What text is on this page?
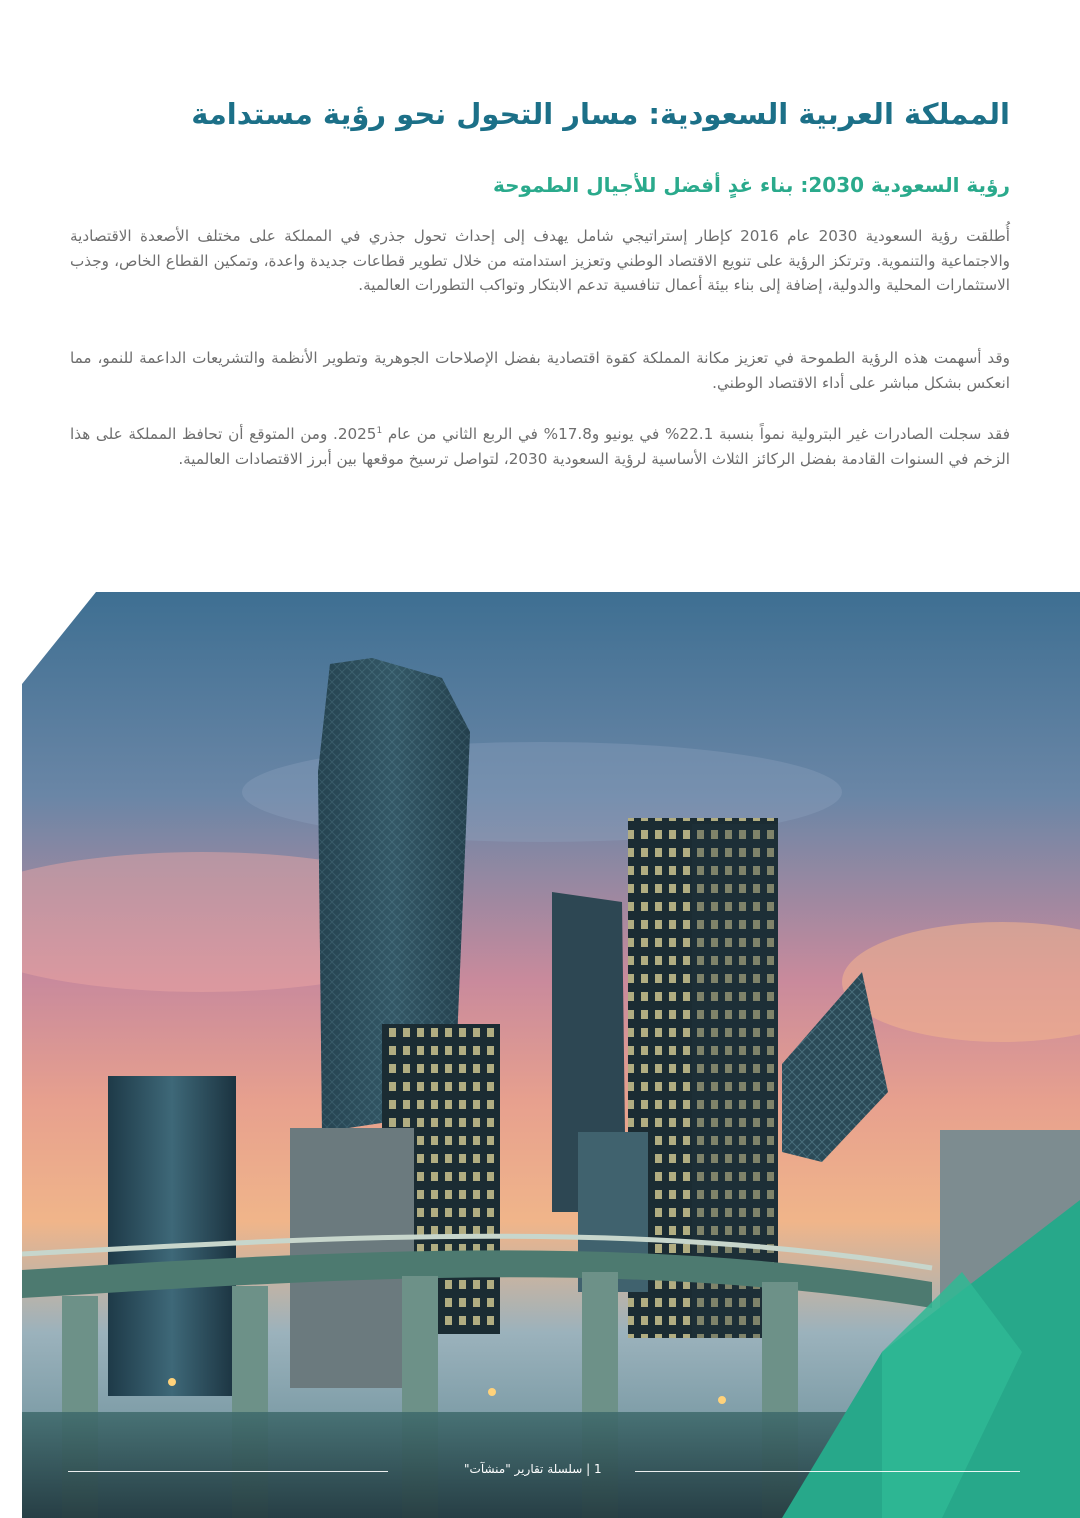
المملكة العربية السعودية: مسار التحول نحو رؤية مستدامة
رؤية السعودية 2030: بناء غدٍ أفضل للأجيال الطموحة

أُطلقت رؤية السعودية 2030 عام 2016 كإطار إستراتيجي شامل يهدف إلى إحداث تحول جذري في المملكة على مختلف الأصعدة الاقتصادية والاجتماعية والتنموية. وترتكز الرؤية على تنويع الاقتصاد الوطني وتعزيز استدامته من خلال تطوير قطاعات جديدة واعدة، وتمكين القطاع الخاص، وجذب الاستثمارات المحلية والدولية، إضافة إلى بناء بيئة أعمال تنافسية تدعم الابتكار وتواكب التطورات العالمية.

وقد أسهمت هذه الرؤية الطموحة في تعزيز مكانة المملكة كقوة اقتصادية بفضل الإصلاحات الجوهرية وتطوير الأنظمة والتشريعات الداعمة للنمو، مما انعكس بشكل مباشر على أداء الاقتصاد الوطني.

فقد سجلت الصادرات غير البترولية نمواً بنسبة 22.1% في يونيو و17.8% في الربع الثاني من عام 2025$^1$. ومن المتوقع أن تحافظ المملكة على هذا الزخم في السنوات القادمة بفضل الركائز الثلاث الأساسية لرؤية السعودية 2030، لتواصل ترسيخ موقعها بين أبرز الاقتصادات العالمية.

1 | سلسلة تقارير "منشآت"
